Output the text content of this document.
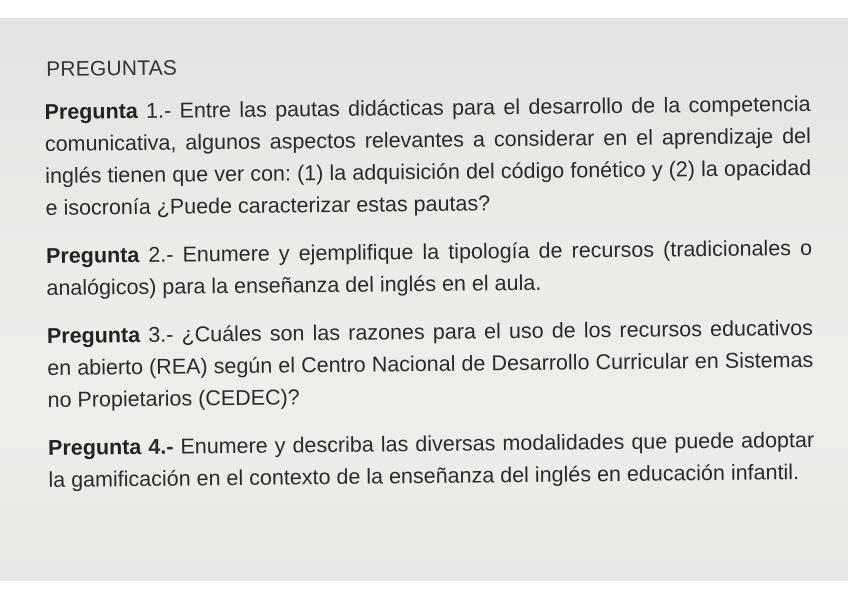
PREGUNTAS

Pregunta 1.- Entre las pautas didácticas para el desarrollo de la competencia comunicativa, algunos aspectos relevantes a considerar en el aprendizaje del inglés tienen que ver con: (1) la adquisición del código fonético y (2) la opacidad e isocronía ¿Puede caracterizar estas pautas?

Pregunta 2.- Enumere y ejemplifique la tipología de recursos (tradicionales o analógicos) para la enseñanza del inglés en el aula.

Pregunta 3.- ¿Cuáles son las razones para el uso de los recursos educativos en abierto (REA) según el Centro Nacional de Desarrollo Curricular en Sistemas no Propietarios (CEDEC)?

Pregunta 4.- Enumere y describa las diversas modalidades que puede adoptar la gamificación en el contexto de la enseñanza del inglés en educación infantil.
